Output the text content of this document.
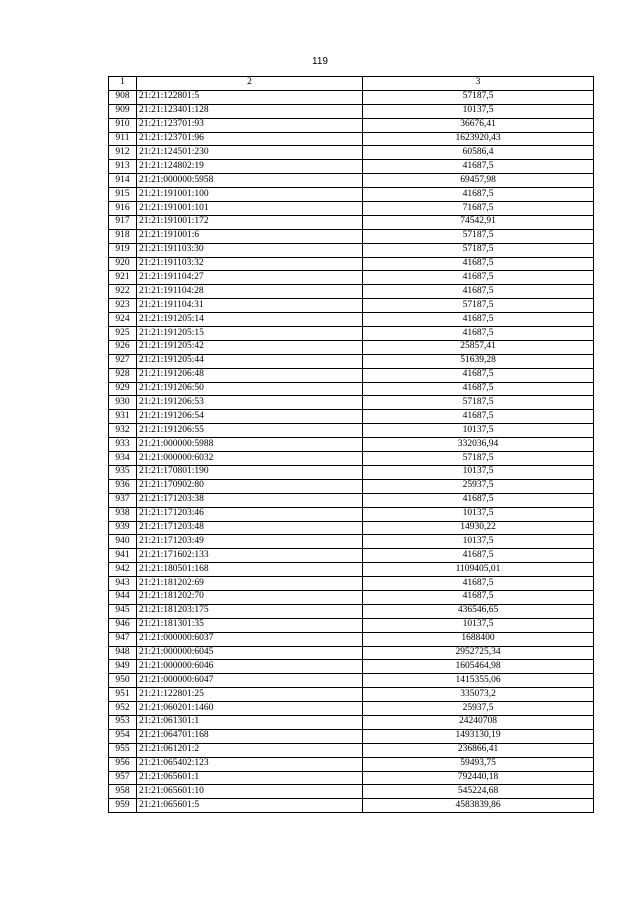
119
1	2	3
908	21:21:122801:5	57187,5
909	21:21:123401:128	10137,5
910	21:21:123701:93	36676,41
911	21:21:123701:96	1623920,43
912	21:21:124501:230	60586,4
913	21:21:124802:19	41687,5
914	21:21:000000:5958	69457,98
915	21:21:191001:100	41687,5
916	21:21:191001:101	71687,5
917	21:21:191001:172	74542,91
918	21:21:191001:6	57187,5
919	21:21:191103:30	57187,5
920	21:21:191103:32	41687,5
921	21:21:191104:27	41687,5
922	21:21:191104:28	41687,5
923	21:21:191104:31	57187,5
924	21:21:191205:14	41687,5
925	21:21:191205:15	41687,5
926	21:21:191205:42	25857,41
927	21:21:191205:44	51639,28
928	21:21:191206:48	41687,5
929	21:21:191206:50	41687,5
930	21:21:191206:53	57187,5
931	21:21:191206:54	41687,5
932	21:21:191206:55	10137,5
933	21:21:000000:5988	332036,94
934	21:21:000000:6032	57187,5
935	21:21:170801:190	10137,5
936	21:21:170902:80	25937,5
937	21:21:171203:38	41687,5
938	21:21:171203:46	10137,5
939	21:21:171203:48	14930,22
940	21:21:171203:49	10137,5
941	21:21:171602:133	41687,5
942	21:21:180501:168	1109405,01
943	21:21:181202:69	41687,5
944	21:21:181202:70	41687,5
945	21:21:181203:175	436546,65
946	21:21:181301:35	10137,5
947	21:21:000000:6037	1688400
948	21:21:000000:6045	2952725,34
949	21:21:000000:6046	1605464,98
950	21:21:000000:6047	1415355,06
951	21:21:122801:25	335073,2
952	21:21:060201:1460	25937,5
953	21:21:061301:1	24240708
954	21:21:064701:168	1493130,19
955	21:21:061201:2	236866,41
956	21:21:065402:123	59493,75
957	21:21:065601:1	792440,18
958	21:21:065601:10	545224,68
959	21:21:065601:5	4583839,86
